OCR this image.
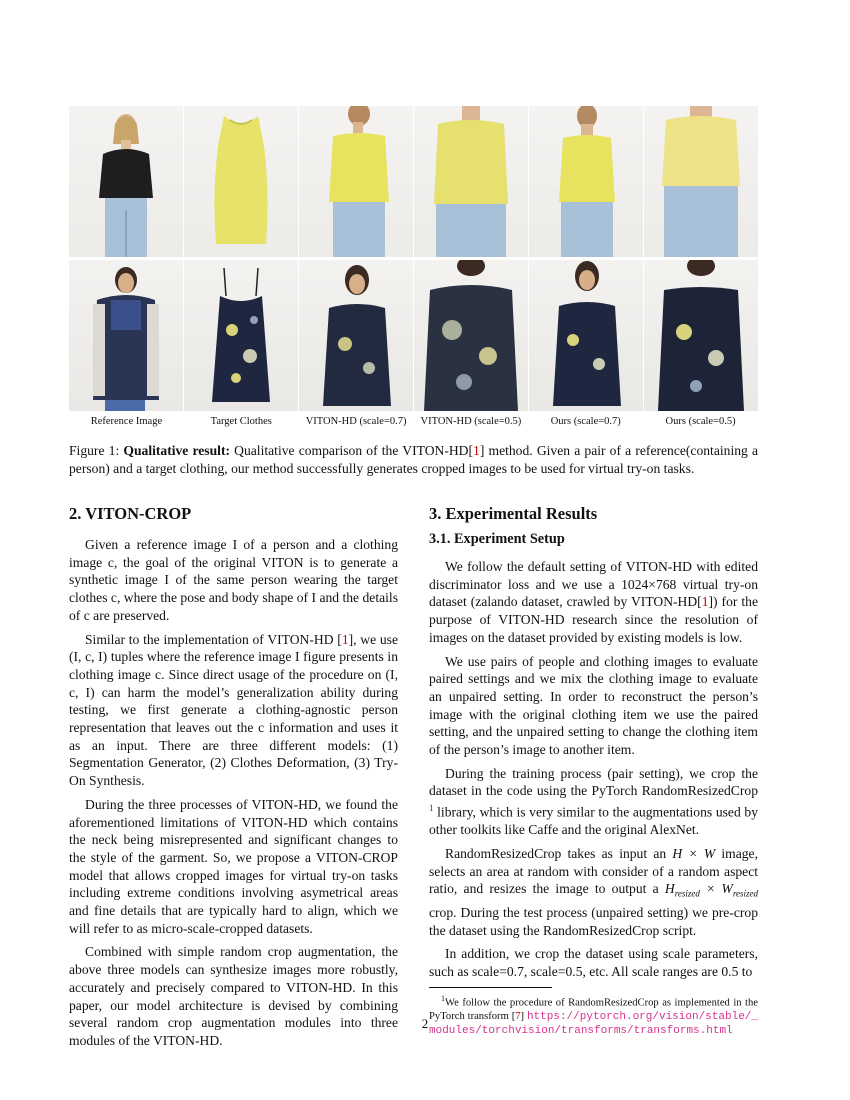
Reference Image	Target Clothes	VITON-HD (scale=0.7)	VITON-HD (scale=0.5)	Ours (scale=0.7)	Ours (scale=0.5)
Figure 1: Qualitative result: Qualitative comparison of the VITON-HD[1] method. Given a pair of a reference(containing a person) and a target clothing, our method successfully generates cropped images to be used for virtual try-on tasks.
2. VITON-CROP

Given a reference image I of a person and a clothing image c, the goal of the original VITON is to generate a synthetic image I of the same person wearing the target clothes c, where the pose and body shape of I and the details of c are preserved.

Similar to the implementation of VITON-HD [1], we use (I, c, I) tuples where the reference image I figure presents in clothing image c. Since direct usage of the procedure on (I, c, I) can harm the model’s generalization ability during testing, we first generate a clothing-agnostic person representation that leaves out the c information and uses it as an input. There are three different models: (1) Segmentation Generator, (2) Clothes Deformation, (3) Try-On Synthesis.

During the three processes of VITON-HD, we found the aforementioned limitations of VITON-HD which contains the neck being misrepresented and significant changes to the style of the garment. So, we propose a VITON-CROP model that allows cropped images for virtual try-on tasks including extreme conditions involving asymetrical areas and fine details that are typically hard to align, which we will refer to as micro-scale-cropped datasets.

Combined with simple random crop augmentation, the above three models can synthesize images more robustly, accurately and precisely compared to VITON-HD. In this paper, our model architecture is devised by combining several random crop augmentation modules into three modules of the VITON-HD.

3. Experimental Results
3.1. Experiment Setup

We follow the default setting of VITON-HD with edited discriminator loss and we use a 1024×768 virtual try-on dataset (zalando dataset, crawled by VITON-HD[1]) for the purpose of VITON-HD research since the resolution of images on the dataset provided by existing models is low.

We use pairs of people and clothing images to evaluate paired settings and we mix the clothing image to evaluate an unpaired setting. In order to reconstruct the person’s image with the original clothing item we use the paired setting, and the unpaired setting to change the clothing item of the person’s image to another item.

During the training process (pair setting), we crop the dataset in the code using the PyTorch RandomResizedCrop $^1$ library, which is very similar to the augmentations used by other toolkits like Caffe and the original AlexNet.

RandomResizedCrop takes as input an H × W image, selects an area at random with consider of a random aspect ratio, and resizes the image to output a $H_{resized} \times W_{resized}$ crop. During the test process (unpaired setting) we pre-crop the dataset using the RandomResizedCrop script.

In addition, we crop the dataset using scale parameters, such as scale=0.7, scale=0.5, etc. All scale ranges are 0.5 to

$^1$We follow the procedure of RandomResizedCrop as implemented in the PyTorch transform [7] https://pytorch.org/vision/stable/_modules/torchvision/transforms/transforms.html
2
